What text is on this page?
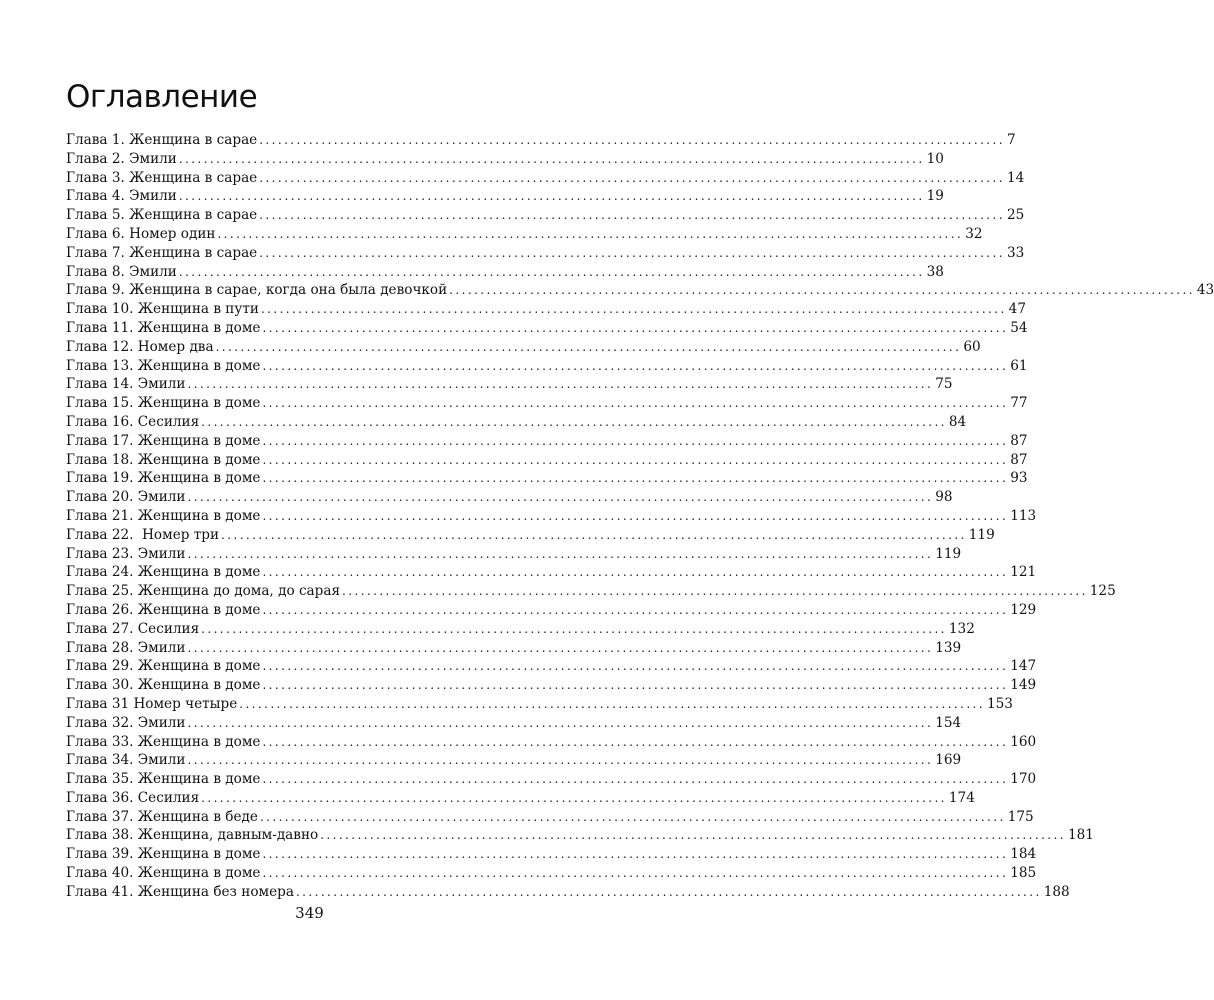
Оглавление
Глава 1. Женщина в сарае ........................................................................................................................ 7
Глава 2. Эмили ........................................................................................................................ 10
Глава 3. Женщина в сарае ........................................................................................................................ 14
Глава 4. Эмили ........................................................................................................................ 19
Глава 5. Женщина в сарае ........................................................................................................................ 25
Глава 6. Номер один ........................................................................................................................ 32
Глава 7. Женщина в сарае ........................................................................................................................ 33
Глава 8. Эмили ........................................................................................................................ 38
Глава 9. Женщина в сарае, когда она была девочкой ........................................................................................................................ 43
Глава 10. Женщина в пути ........................................................................................................................ 47
Глава 11. Женщина в доме ........................................................................................................................ 54
Глава 12. Номер два ........................................................................................................................ 60
Глава 13. Женщина в доме ........................................................................................................................ 61
Глава 14. Эмили ........................................................................................................................ 75
Глава 15. Женщина в доме ........................................................................................................................ 77
Глава 16. Сесилия ........................................................................................................................ 84
Глава 17. Женщина в доме ........................................................................................................................ 87
Глава 18. Женщина в доме ........................................................................................................................ 87
Глава 19. Женщина в доме ........................................................................................................................ 93
Глава 20. Эмили ........................................................................................................................ 98
Глава 21. Женщина в доме ........................................................................................................................ 113
Глава 22.  Номер три ........................................................................................................................ 119
Глава 23. Эмили ........................................................................................................................ 119
Глава 24. Женщина в доме ........................................................................................................................ 121
Глава 25. Женщина до дома, до сарая ........................................................................................................................ 125
Глава 26. Женщина в доме ........................................................................................................................ 129
Глава 27. Сесилия ........................................................................................................................ 132
Глава 28. Эмили ........................................................................................................................ 139
Глава 29. Женщина в доме ........................................................................................................................ 147
Глава 30. Женщина в доме ........................................................................................................................ 149
Глава 31 Номер четыре ........................................................................................................................ 153
Глава 32. Эмили ........................................................................................................................ 154
Глава 33. Женщина в доме ........................................................................................................................ 160
Глава 34. Эмили ........................................................................................................................ 169
Глава 35. Женщина в доме ........................................................................................................................ 170
Глава 36. Сесилия ........................................................................................................................ 174
Глава 37. Женщина в беде ........................................................................................................................ 175
Глава 38. Женщина, давным-давно ........................................................................................................................ 181
Глава 39. Женщина в доме ........................................................................................................................ 184
Глава 40. Женщина в доме ........................................................................................................................ 185
Глава 41. Женщина без номера ........................................................................................................................ 188
349
